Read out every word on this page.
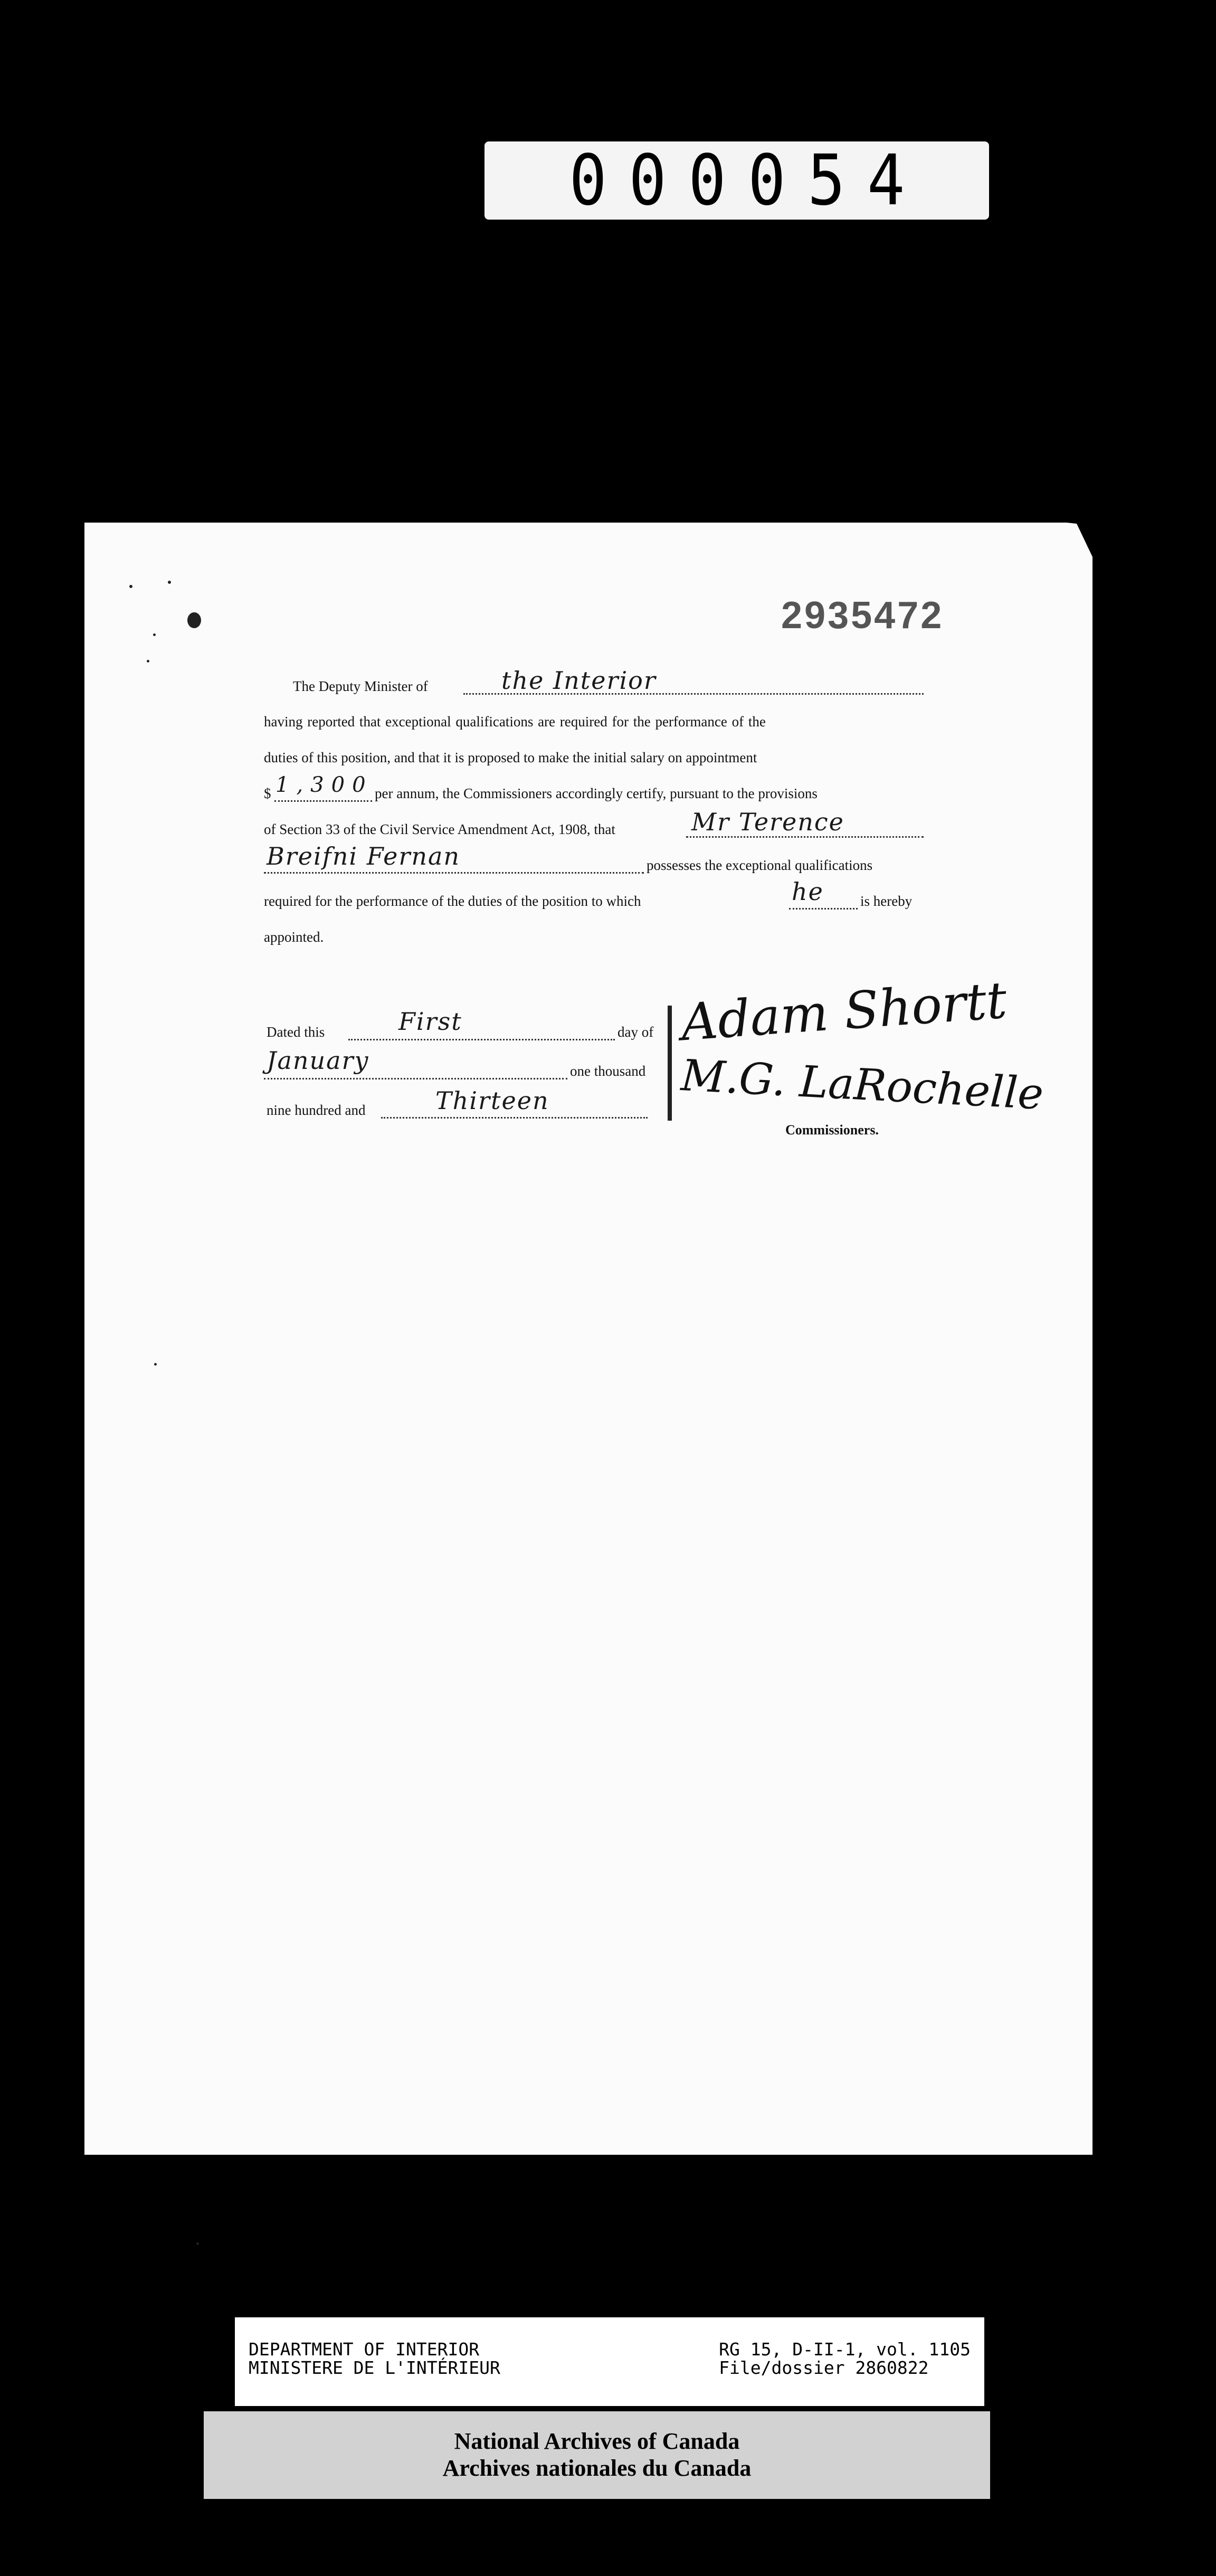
000054
2935472
The Deputy Minister of	the Interior
having reported that exceptional qualifications are required for the performance of the
duties of this position, and that it is proposed to make the initial salary on appointment
$ 1,300 per annum, the Commissioners accordingly certify, pursuant to the provisions
of Section 33 of the Civil Service Amendment Act, 1908, that	Mr Terence
Breifni Fernan	possesses the exceptional qualifications
required for the performance of the duties of the position to which	he	is hereby
appointed.
Dated this	First	day of
January	one thousand
nine hundred and	Thirteen
Adam Shortt
M.G. LaRochelle
Commissioners.
DEPARTMENT OF INTERIOR
MINISTERE DE L'INTÉRIEUR
RG 15, D-II-1, vol. 1105
File/dossier 2860822
National Archives of Canada
Archives nationales du Canada
